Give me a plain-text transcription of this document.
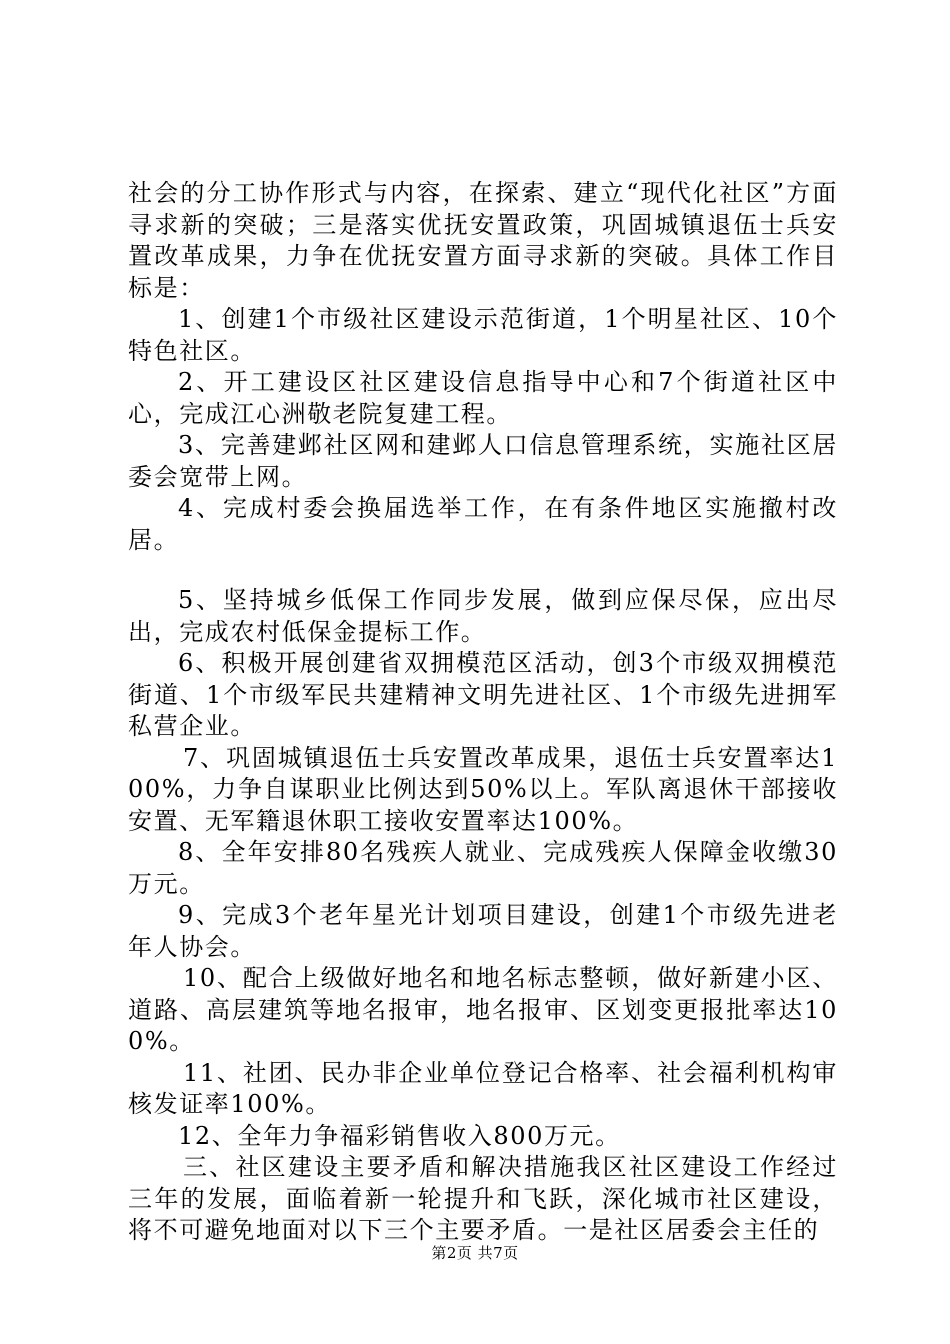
社会的分工协作形式与内容，在探索、建立“现代化社区”方面寻求新的突破；三是落实优抚安置政策，巩固城镇退伍士兵安置改革成果，力争在优抚安置方面寻求新的突破。具体工作目标是：

1、创建1个市级社区建设示范街道，1个明星社区、10个特色社区。

2、开工建设区社区建设信息指导中心和7个街道社区中心，完成江心洲敬老院复建工程。

3、完善建邺社区网和建邺人口信息管理系统，实施社区居委会宽带上网。

4、完成村委会换届选举工作，在有条件地区实施撤村改居。

5、坚持城乡低保工作同步发展，做到应保尽保，应出尽出，完成农村低保金提标工作。

6、积极开展创建省双拥模范区活动，创3个市级双拥模范街道、1个市级军民共建精神文明先进社区、1个市级先进拥军私营企业。

7、巩固城镇退伍士兵安置改革成果，退伍士兵安置率达100%，力争自谋职业比例达到50%以上。军队离退休干部接收安置、无军籍退休职工接收安置率达100%。

8、全年安排80名残疾人就业、完成残疾人保障金收缴30万元。

9、完成3个老年星光计划项目建设，创建1个市级先进老年人协会。

10、配合上级做好地名和地名标志整顿，做好新建小区、道路、高层建筑等地名报审，地名报审、区划变更报批率达100%。

11、社团、民办非企业单位登记合格率、社会福利机构审核发证率100%。

12、全年力争福彩销售收入800万元。

三、社区建设主要矛盾和解决措施我区社区建设工作经过三年的发展，面临着新一轮提升和飞跃，深化城市社区建设，将不可避免地面对以下三个主要矛盾。一是社区居委会主任的

第2页 共7页
